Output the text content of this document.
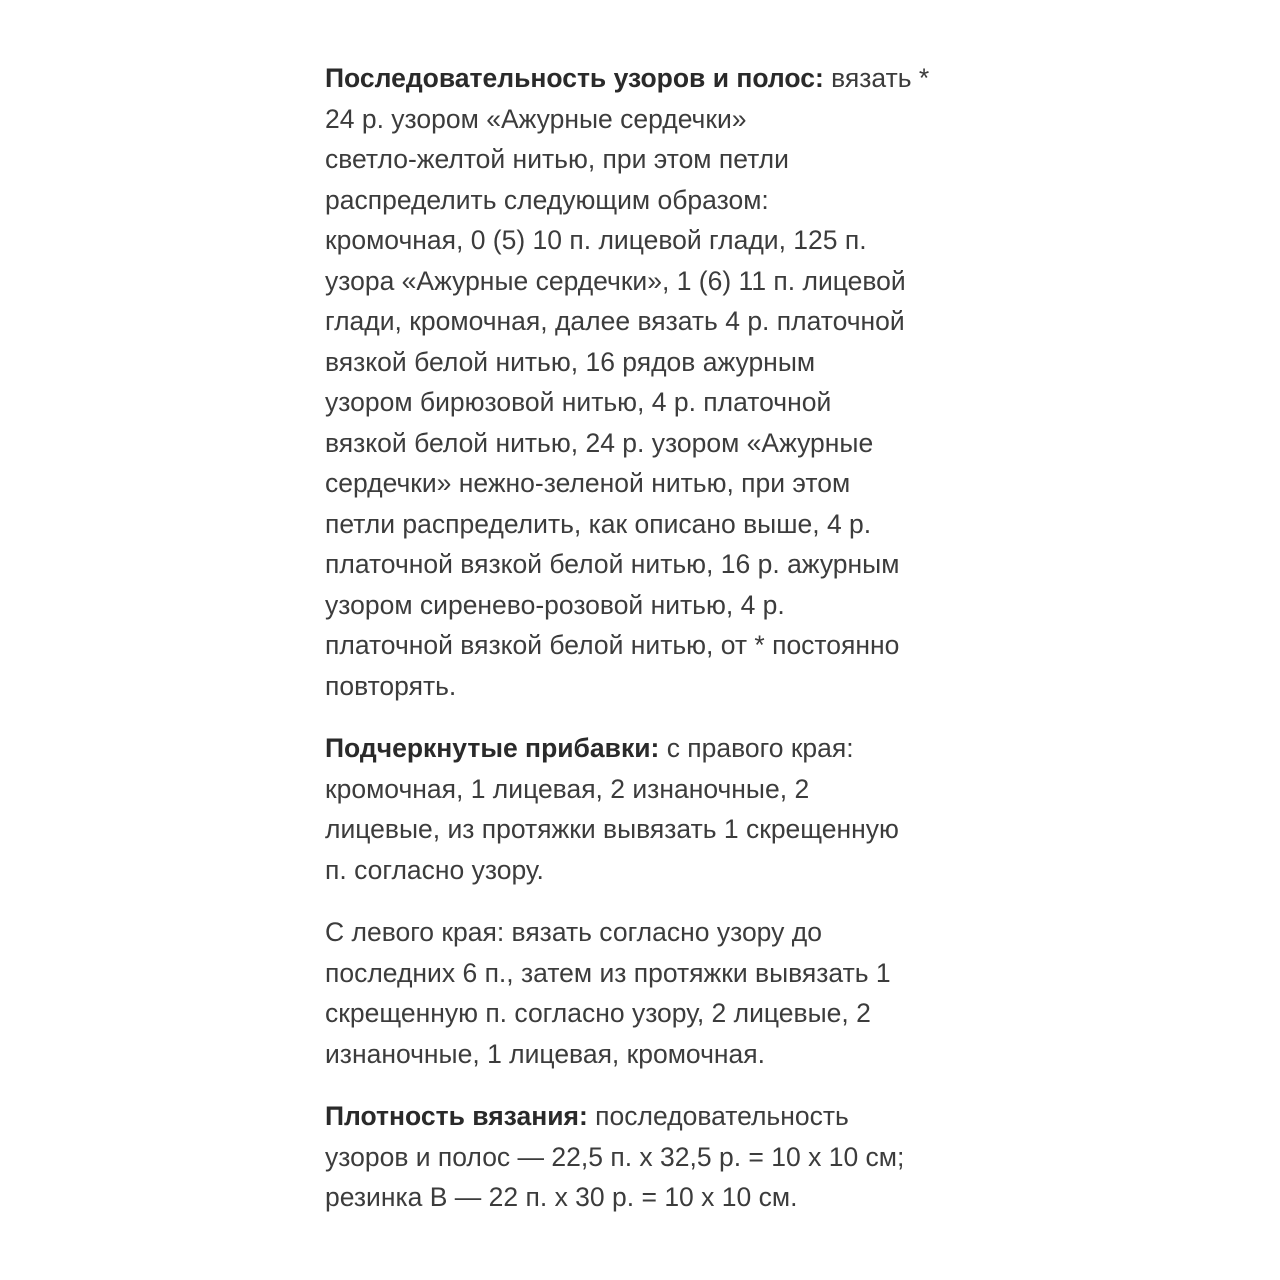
Последовательность узоров и полос: вязать *
24 р. узором «Ажурные сердечки»
светло-желтой нитью, при этом петли
распределить следующим образом:
кромочная, 0 (5) 10 п. лицевой глади, 125 п.
узора «Ажурные сердечки», 1 (6) 11 п. лицевой
глади, кромочная, далее вязать 4 р. платочной
вязкой белой нитью, 16 рядов ажурным
узором бирюзовой нитью, 4 р. платочной
вязкой белой нитью, 24 р. узором «Ажурные
сердечки» нежно-зеленой нитью, при этом
петли распределить, как описано выше, 4 р.
платочной вязкой белой нитью, 16 р. ажурным
узором сиренево-розовой нитью, 4 р.
платочной вязкой белой нитью, от * постоянно
повторять.
Подчеркнутые прибавки: с правого края:
кромочная, 1 лицевая, 2 изнаночные, 2
лицевые, из протяжки вывязать 1 скрещенную
п. согласно узору.
С левого края: вязать согласно узору до
последних 6 п., затем из протяжки вывязать 1
скрещенную п. согласно узору, 2 лицевые, 2
изнаночные, 1 лицевая, кромочная.
Плотность вязания: последовательность
узоров и полос — 22,5 п. х 32,5 р. = 10 х 10 см;
резинка В — 22 п. х 30 р. = 10 х 10 см.
